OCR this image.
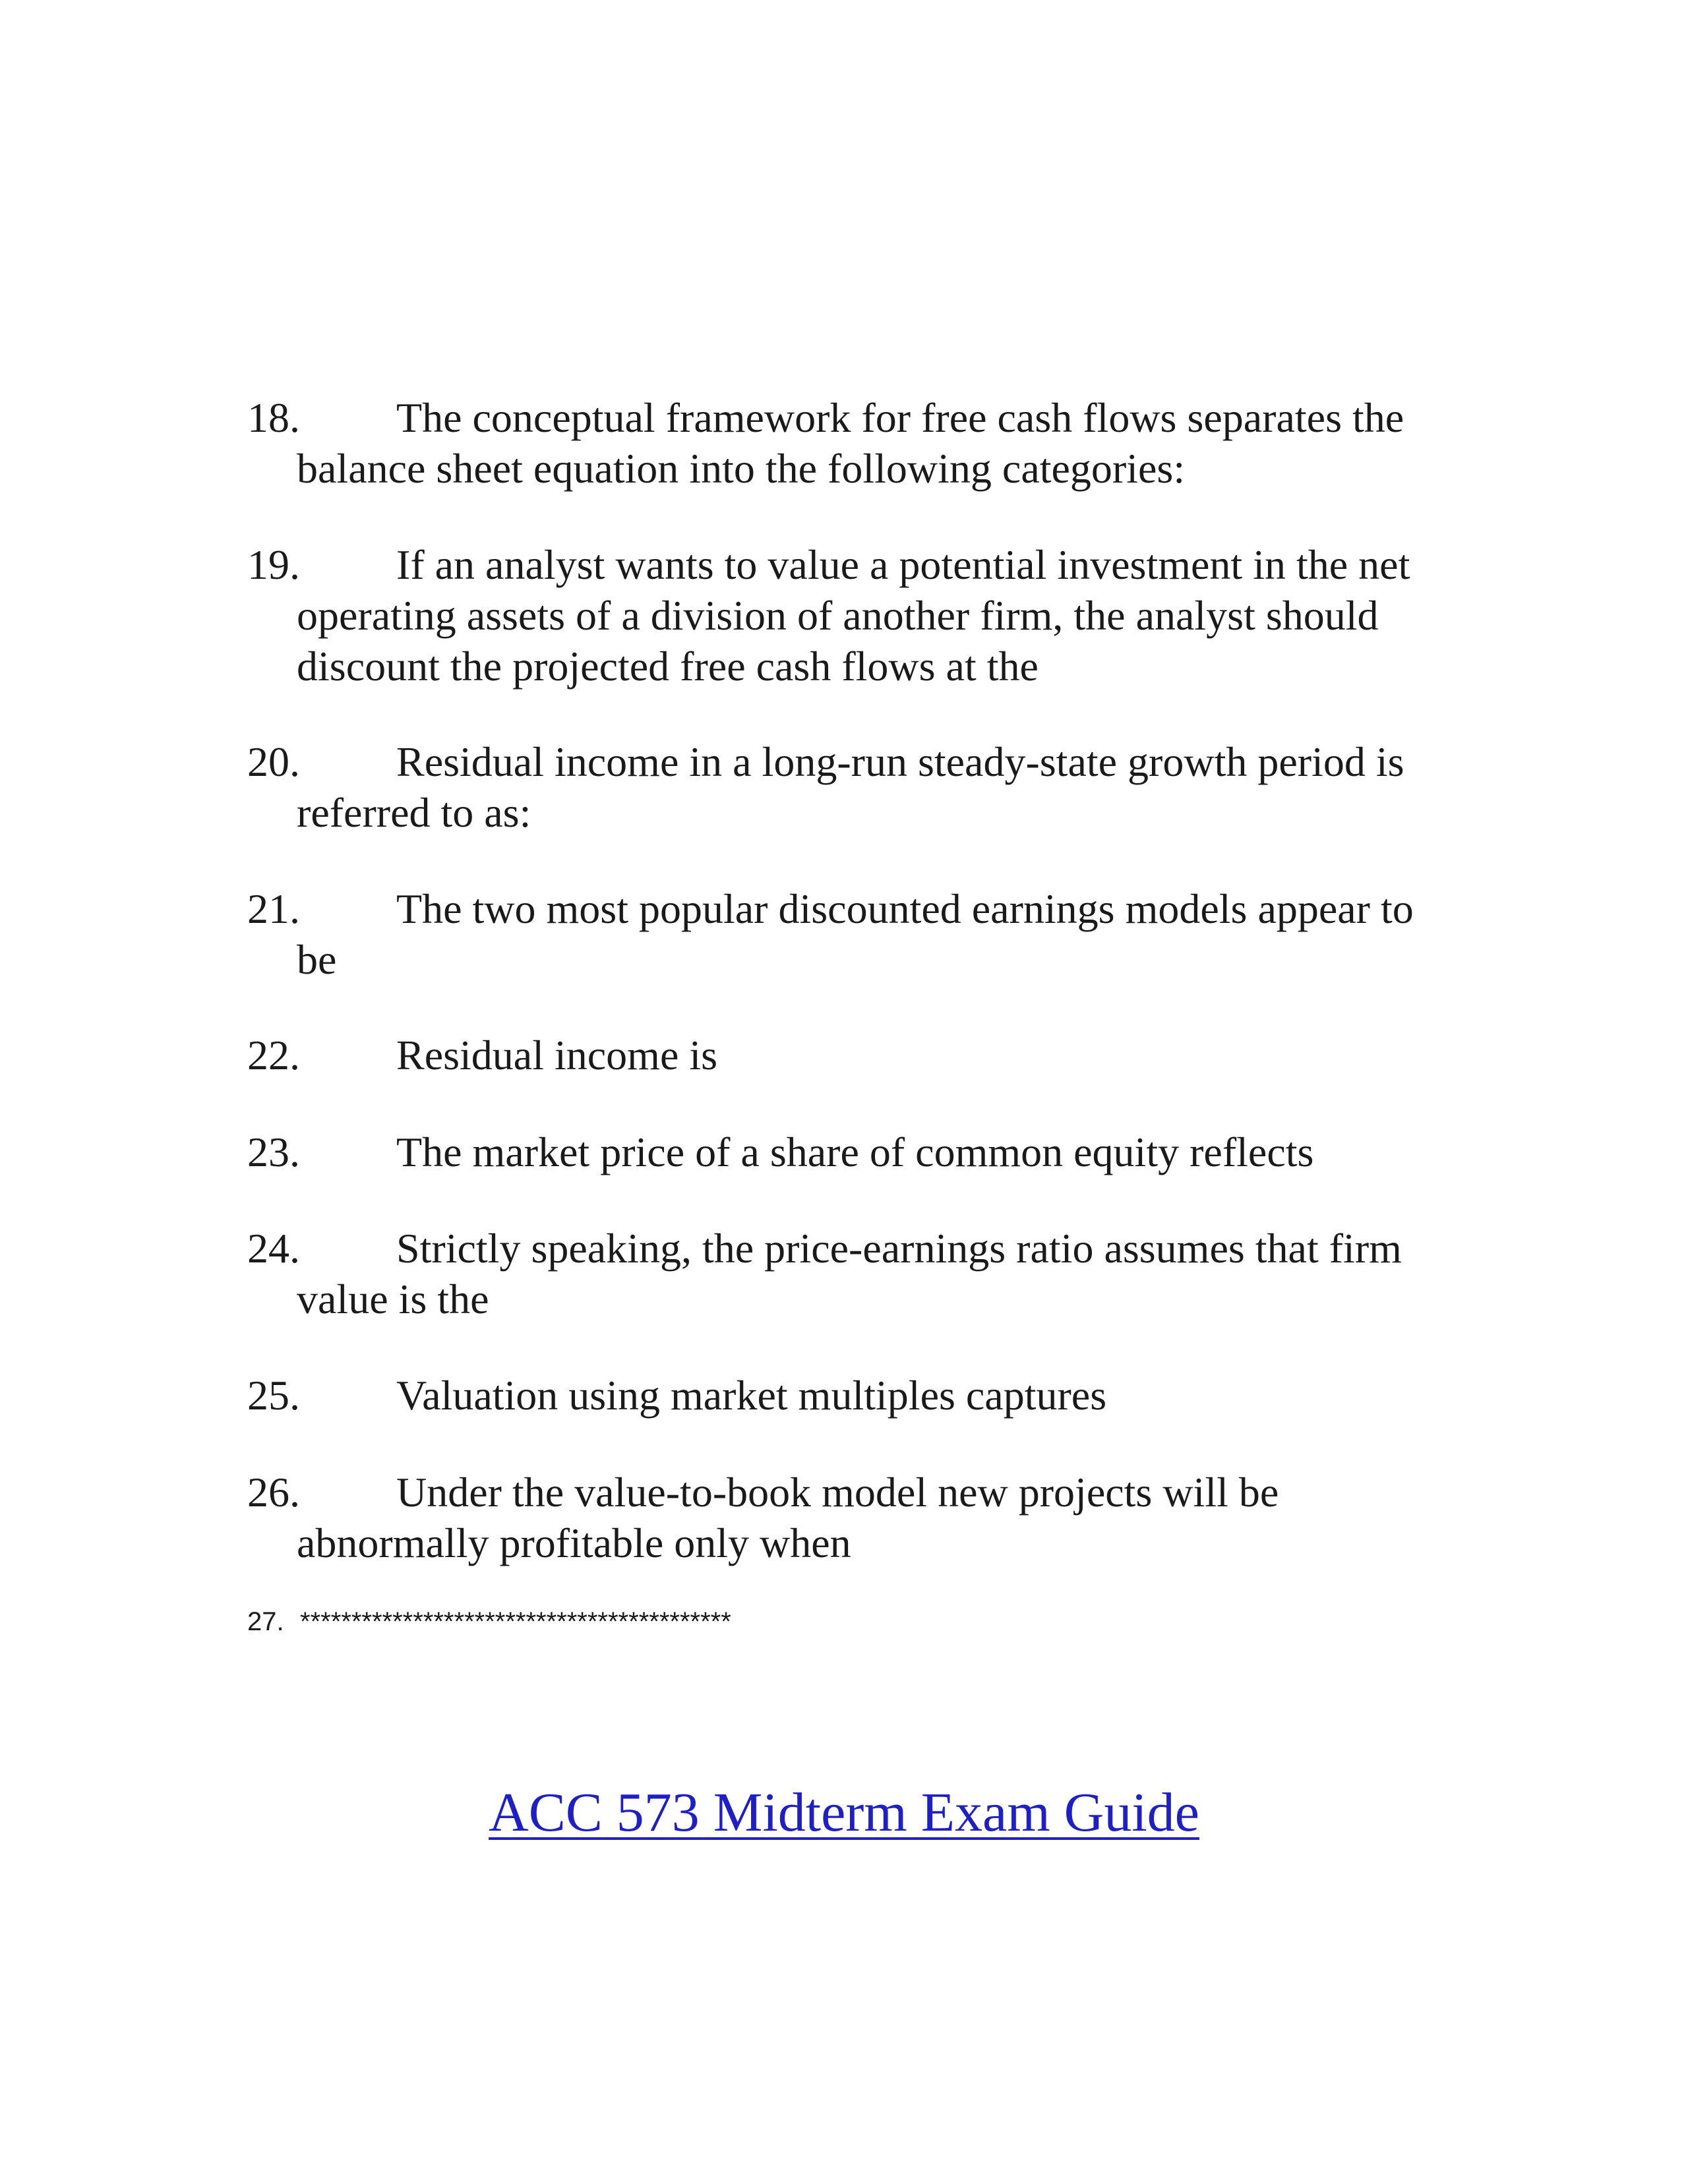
18. The conceptual framework for free cash flows separates the
balance sheet equation into the following categories:
19. If an analyst wants to value a potential investment in the net
operating assets of a division of another firm, the analyst should
discount the projected free cash flows at the
20. Residual income in a long-run steady-state growth period is
referred to as:
21. The two most popular discounted earnings models appear to
be
22. Residual income is
23. The market price of a share of common equity reflects
24. Strictly speaking, the price-earnings ratio assumes that firm
value is the
25. Valuation using market multiples captures
26. Under the value-to-book model new projects will be
abnormally profitable only when
27. ******************************************
ACC 573 Midterm Exam Guide
